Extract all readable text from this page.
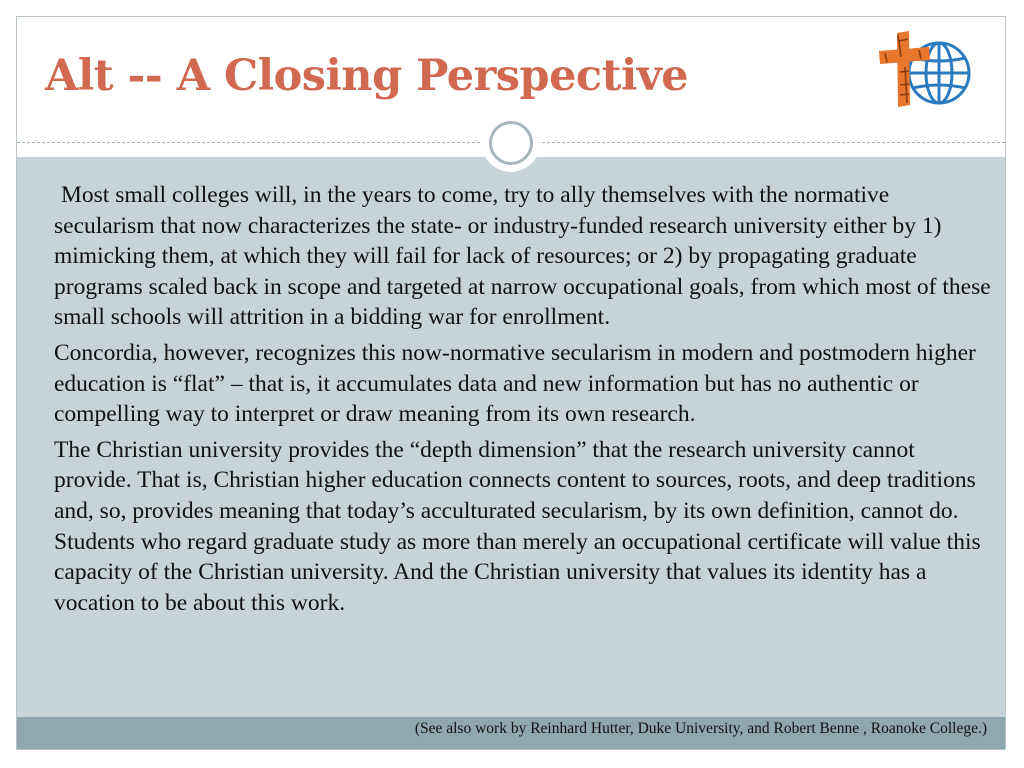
Alt -- A Closing Perspective

Most small colleges will, in the years to come, try to ally themselves with the normative secularism that now characterizes the state- or industry-funded research university either by 1) mimicking them, at which they will fail for lack of resources; or 2) by propagating graduate programs scaled back in scope and targeted at narrow occupational goals, from which most of these small schools will attrition in a bidding war for enrollment.

Concordia, however, recognizes this now-normative secularism in modern and postmodern higher education is “flat” – that is, it accumulates data and new information but has no authentic or compelling way to interpret or draw meaning from its own research.

The Christian university provides the “depth dimension” that the research university cannot provide. That is, Christian higher education connects content to sources, roots, and deep traditions and, so, provides meaning that today’s acculturated secularism, by its own definition, cannot do. Students who regard graduate study as more than merely an occupational certificate will value this capacity of the Christian university. And the Christian university that values its identity has a vocation to be about this work.

(See also work by Reinhard Hutter, Duke University, and Robert Benne , Roanoke College.)
